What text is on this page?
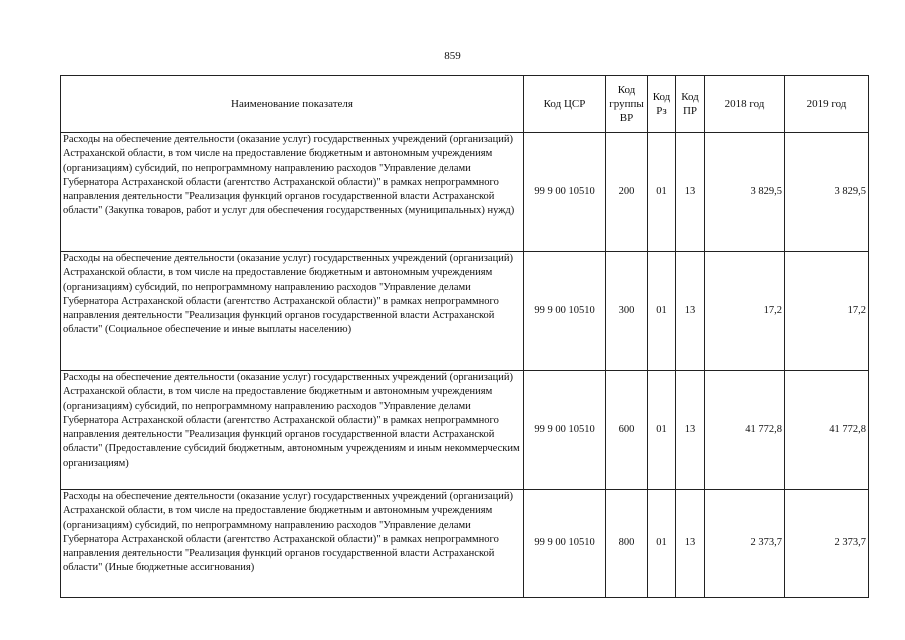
859
Наименование показателя	Код ЦСР	Код группы ВР	Код Рз	Код ПР	2018 год	2019 год
Расходы на обеспечение деятельности (оказание услуг) государственных учреждений (организаций) Астраханской области, в том числе на предоставление бюджетным и автономным учреждениям (организациям) субсидий, по непрограммному направлению расходов "Управление делами Губернатора Астраханской области (агентство Астраханской области)" в рамках непрограммного направления деятельности "Реализация функций органов государственной власти Астраханской области" (Закупка товаров, работ и услуг для обеспечения государственных (муниципальных) нужд)	99 9 00 10510	200	01	13	3 829,5	3 829,5
Расходы на обеспечение деятельности (оказание услуг) государственных учреждений (организаций) Астраханской области, в том числе на предоставление бюджетным и автономным учреждениям (организациям) субсидий, по непрограммному направлению расходов "Управление делами Губернатора Астраханской области (агентство Астраханской области)" в рамках непрограммного направления деятельности "Реализация функций органов государственной власти Астраханской области" (Социальное обеспечение и иные выплаты населению)	99 9 00 10510	300	01	13	17,2	17,2
Расходы на обеспечение деятельности (оказание услуг) государственных учреждений (организаций) Астраханской области, в том числе на предоставление бюджетным и автономным учреждениям (организациям) субсидий, по непрограммному направлению расходов "Управление делами Губернатора Астраханской области (агентство Астраханской области)" в рамках непрограммного направления деятельности "Реализация функций органов государственной власти Астраханской области" (Предоставление субсидий бюджетным, автономным учреждениям и иным некоммерческим организациям)	99 9 00 10510	600	01	13	41 772,8	41 772,8
Расходы на обеспечение деятельности (оказание услуг) государственных учреждений (организаций) Астраханской области, в том числе на предоставление бюджетным и автономным учреждениям (организациям) субсидий, по непрограммному направлению расходов "Управление делами Губернатора Астраханской области (агентство Астраханской области)" в рамках непрограммного направления деятельности "Реализация функций органов государственной власти Астраханской области" (Иные бюджетные ассигнования)	99 9 00 10510	800	01	13	2 373,7	2 373,7
